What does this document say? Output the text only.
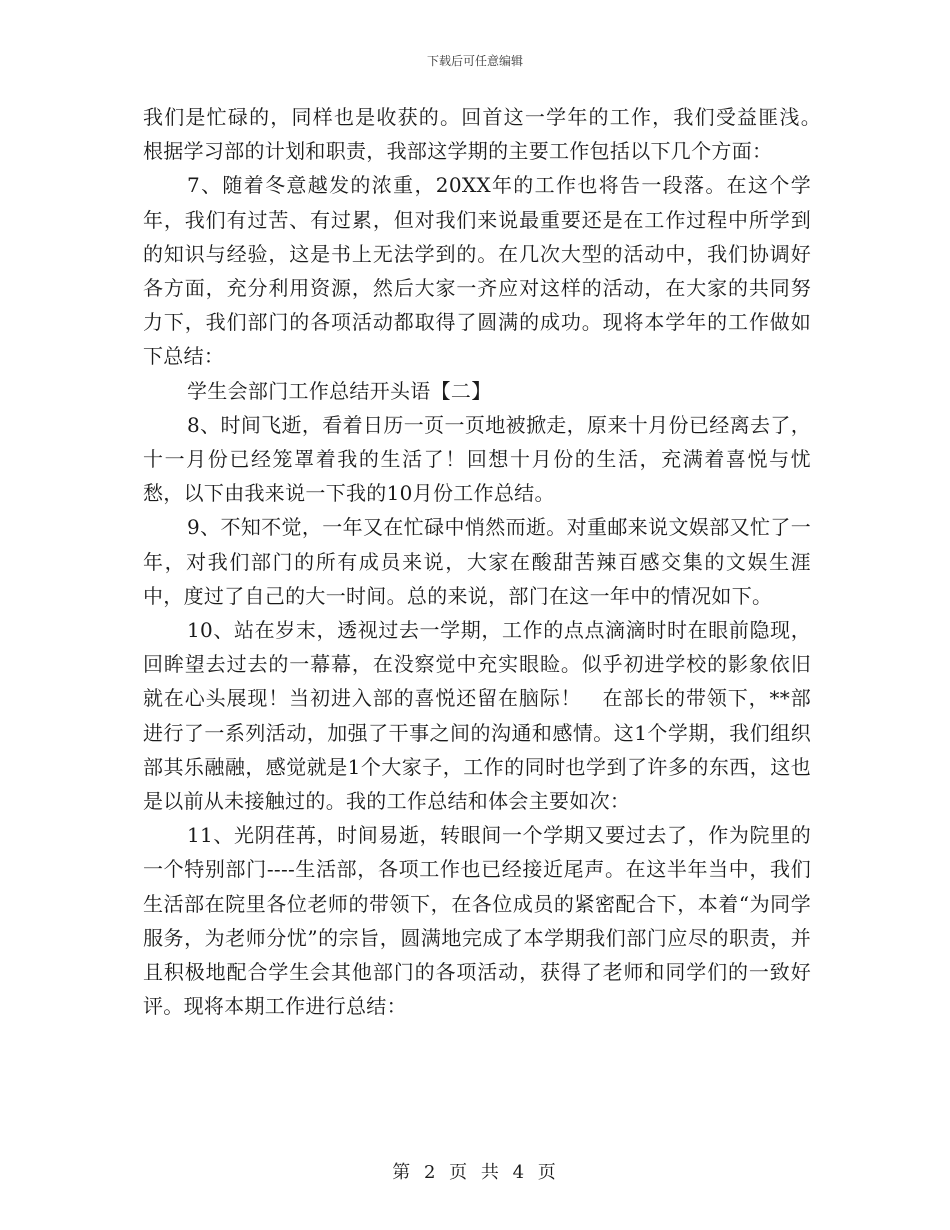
下载后可任意编辑

我们是忙碌的，同样也是收获的。回首这一学年的工作，我们受益匪浅。　　　根据学习部的计划和职责，我部这学期的主要工作包括以下几个方面：

7、随着冬意越发的浓重，20XX年的工作也将告一段落。在这个学年，我们有过苦、有过累，但对我们来说最重要还是在工作过程中所学到的知识与经验，这是书上无法学到的。在几次大型的活动中，我们协调好各方面，充分利用资源，然后大家一齐应对这样的活动，在大家的共同努力下，我们部门的各项活动都取得了圆满的成功。现将本学年的工作做如下总结：

学生会部门工作总结开头语【二】

8、时间飞逝，看着日历一页一页地被掀走，原来十月份已经离去了，十一月份已经笼罩着我的生活了！回想十月份的生活，充满着喜悦与忧愁，以下由我来说一下我的10月份工作总结。

9、不知不觉，一年又在忙碌中悄然而逝。对重邮来说文娱部又忙了一年，对我们部门的所有成员来说，大家在酸甜苦辣百感交集的文娱生涯中，度过了自己的大一时间。总的来说，部门在这一年中的情况如下。

10、站在岁末，透视过去一学期，工作的点点滴滴时时在眼前隐现，回眸望去过去的一幕幕，在没察觉中充实眼睑。似乎初进学校的影象依旧就在心头展现！当初进入部的喜悦还留在脑际！　在部长的带领下，**部进行了一系列活动，加强了干事之间的沟通和感情。这1个学期，我们组织部其乐融融，感觉就是1个大家子，工作的同时也学到了许多的东西，这也是以前从未接触过的。我的工作总结和体会主要如次：

11、光阴荏苒，时间易逝，转眼间一个学期又要过去了，作为院里的一个特别部门----生活部，各项工作也已经接近尾声。在这半年当中，我们生活部在院里各位老师的带领下，在各位成员的紧密配合下，本着“为同学服务，为老师分忧”的宗旨，圆满地完成了本学期我们部门应尽的职责，并且积极地配合学生会其他部门的各项活动，获得了老师和同学们的一致好评。现将本期工作进行总结：

第 2 页 共 4 页
